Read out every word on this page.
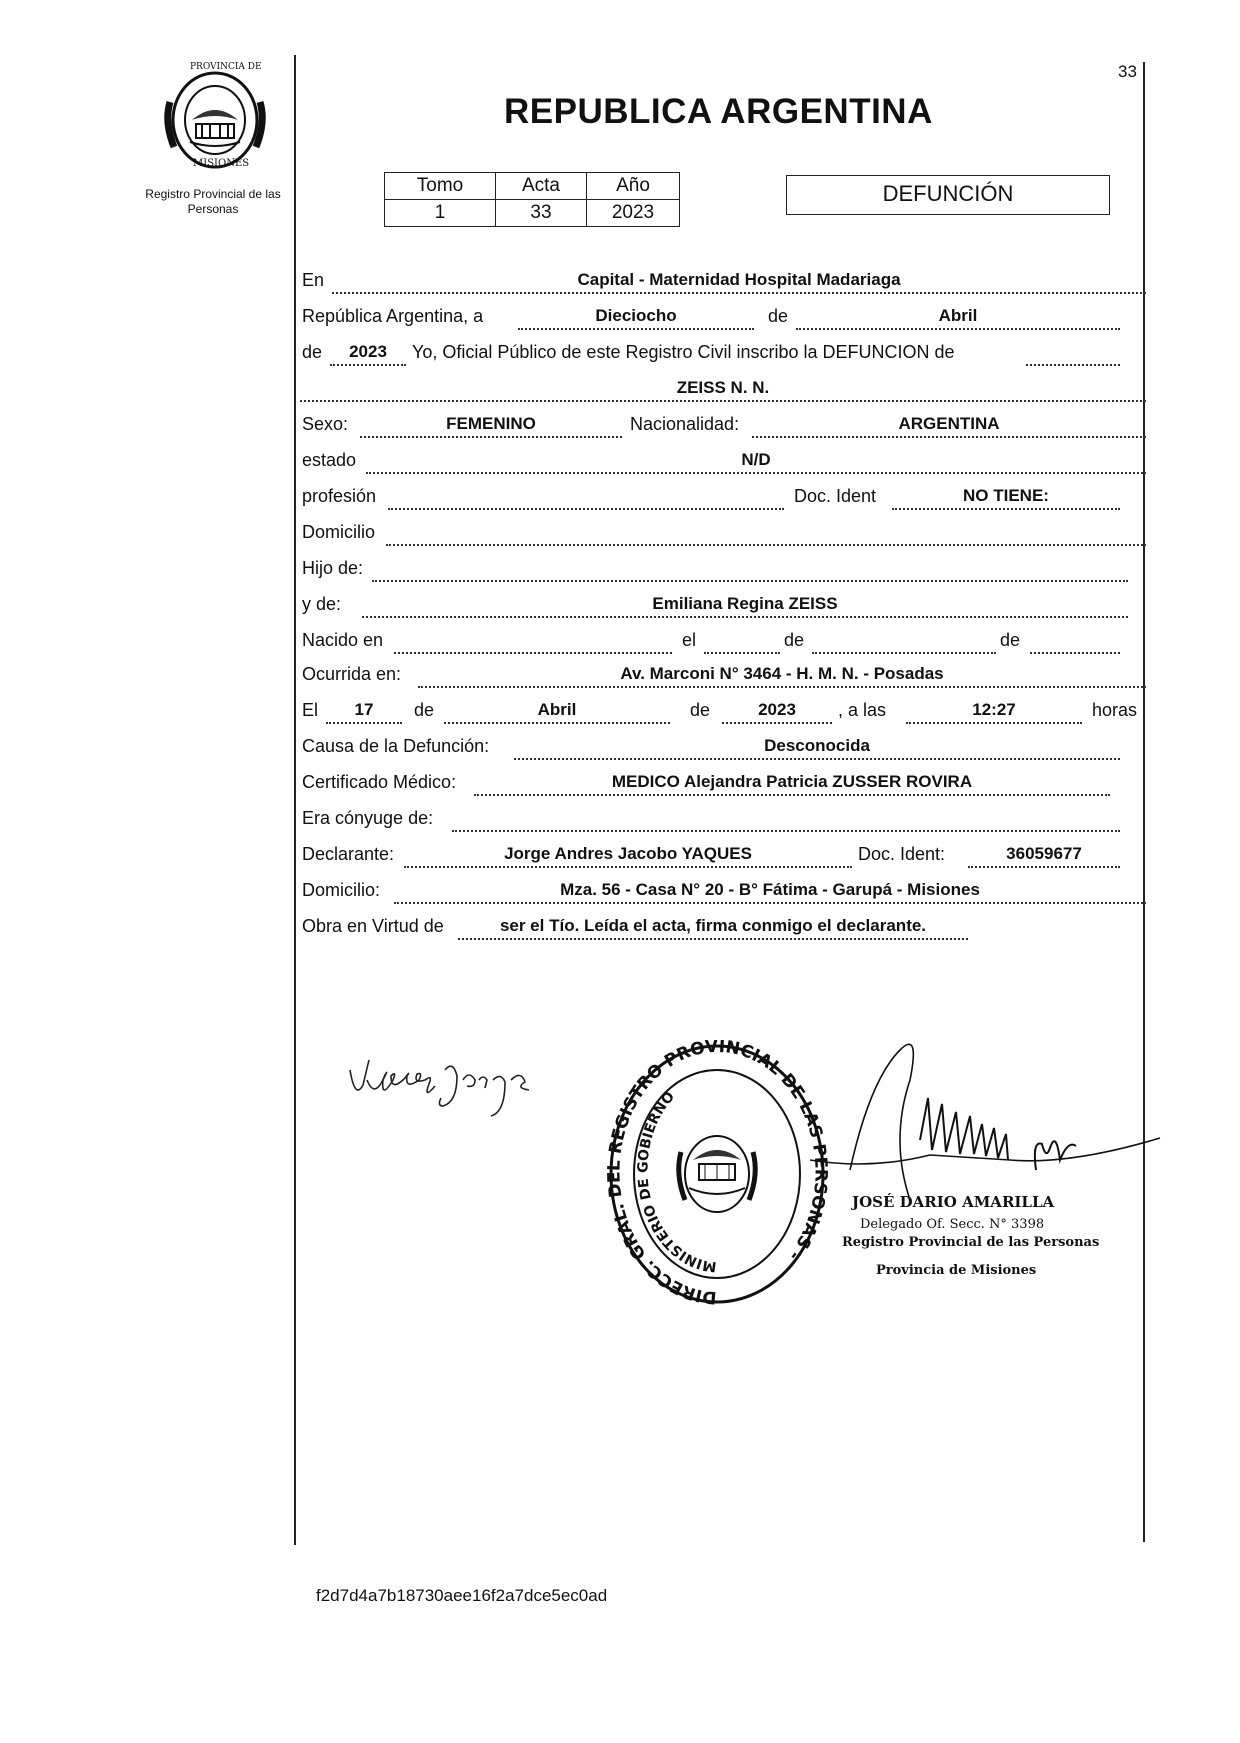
33
PROVINCIA DE
MISIONES
Registro Provincial de las Personas
REPUBLICA ARGENTINA
Tomo	Acta	Año
1	33	2023
DEFUNCIÓN
En	Capital - Maternidad Hospital Madariaga
República Argentina, a	Dieciocho	de	Abril
de	2023	Yo, Oficial Público de este Registro Civil inscribo la DEFUNCION de
ZEISS N. N.
Sexo:	FEMENINO	Nacionalidad:	ARGENTINA
estado	N/D
profesión	Doc. Ident	NO TIENE:
Domicilio
Hijo de:
y de:	Emiliana Regina ZEISS
Nacido en	el	de	de
Ocurrida en:	Av. Marconi N° 3464 - H. M. N. - Posadas
El	17	de	Abril	de	2023	, a las	12:27	horas
Causa de la Defunción:	Desconocida
Certificado Médico:	MEDICO Alejandra Patricia ZUSSER ROVIRA
Era cónyuge de:
Declarante:	Jorge Andres Jacobo YAQUES	Doc. Ident:	36059677
Domicilio:	Mza. 56 - Casa N° 20 - B° Fátima - Garupá - Misiones
Obra en Virtud de	ser el Tío. Leída el acta, firma conmigo el declarante.
DIRECC. GRAL. DEL REGISTRO PROVINCIAL DE LAS PERSONAS -
MINISTERIO DE GOBIERNO
JOSÉ DARIO AMARILLA
Delegado Of. Secc. N° 3398
Registro Provincial de las Personas
Provincia de Misiones
f2d7d4a7b18730aee16f2a7dce5ec0ad
